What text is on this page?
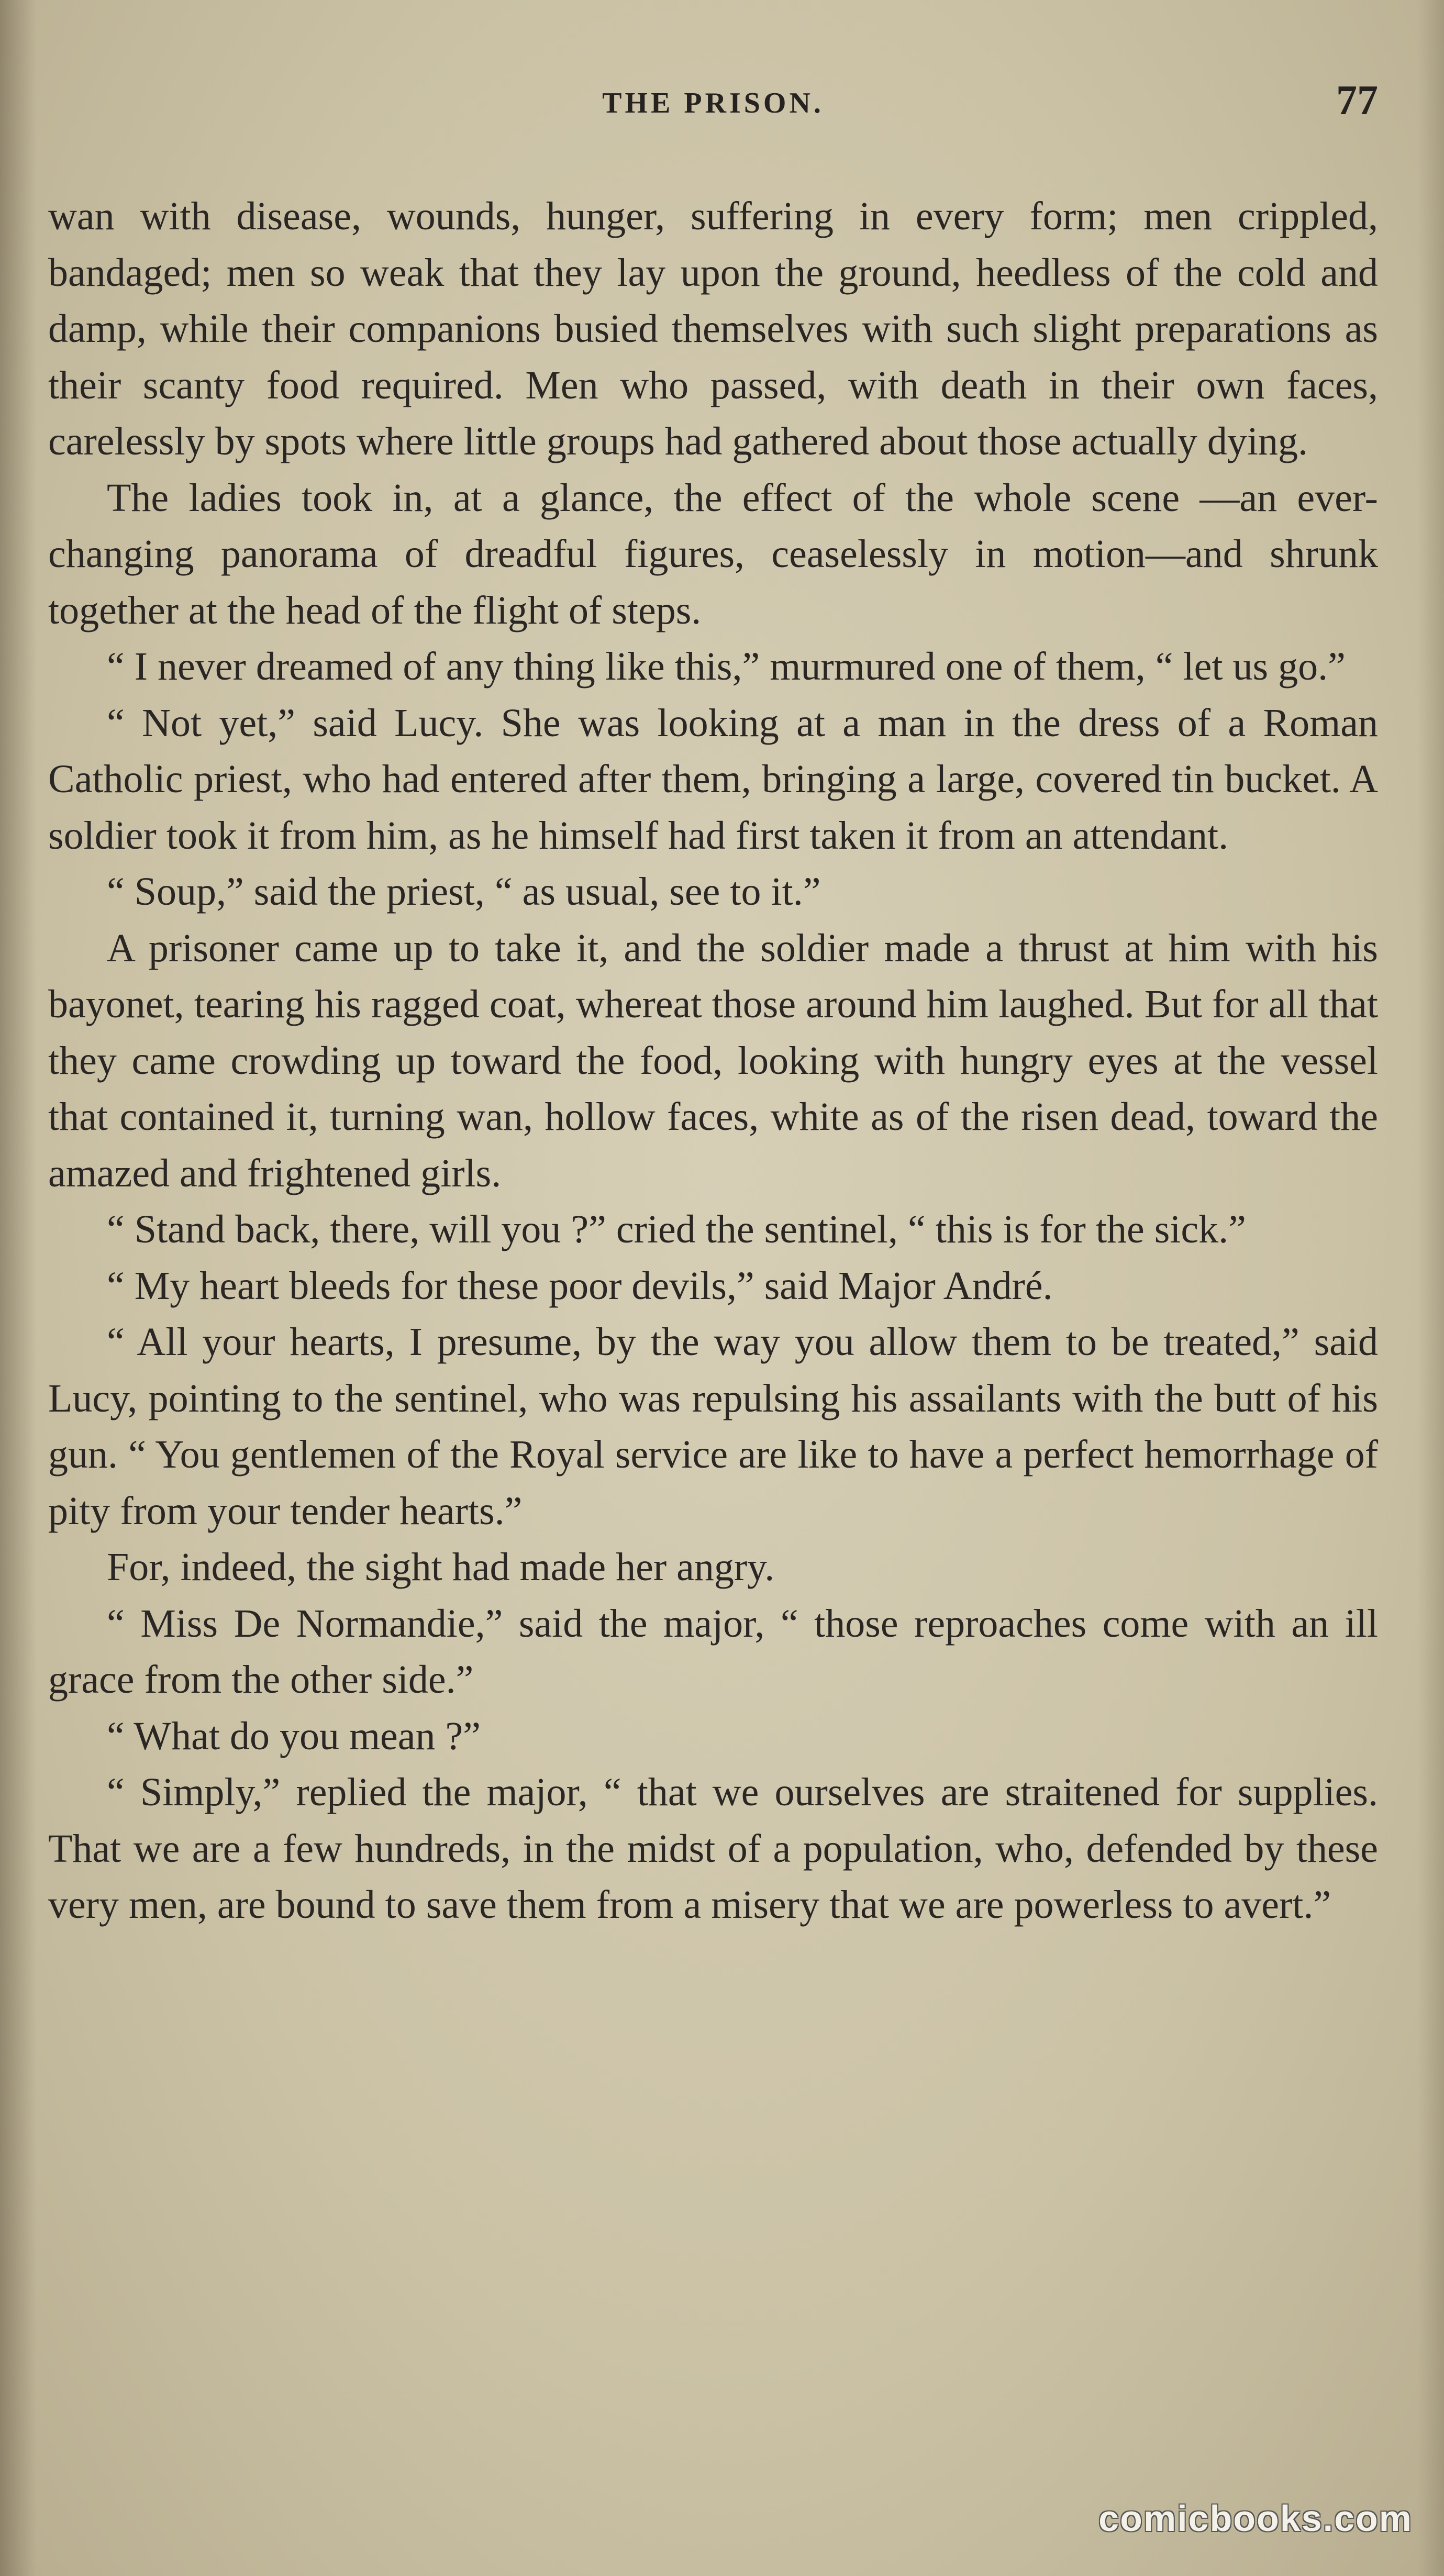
THE PRISON.	77

wan with disease, wounds, hunger, suffering in every form; men crippled, bandaged; men so weak that they lay upon the ground, heedless of the cold and damp, while their companions busied themselves with such slight preparations as their scanty food required. Men who passed, with death in their own faces, carelessly by spots where little groups had gathered about those actually dying.

The ladies took in, at a glance, the effect of the whole scene —an ever-changing panorama of dreadful figures, ceaselessly in motion—and shrunk together at the head of the flight of steps.

“ I never dreamed of any thing like this,” murmured one of them, “ let us go.”

“ Not yet,” said Lucy. She was looking at a man in the dress of a Roman Catholic priest, who had entered after them, bringing a large, covered tin bucket. A soldier took it from him, as he himself had first taken it from an attendant.

“ Soup,” said the priest, “ as usual, see to it.”

A prisoner came up to take it, and the soldier made a thrust at him with his bayonet, tearing his ragged coat, whereat those around him laughed. But for all that they came crowding up toward the food, looking with hungry eyes at the vessel that contained it, turning wan, hollow faces, white as of the risen dead, toward the amazed and frightened girls.

“ Stand back, there, will you ?” cried the sentinel, “ this is for the sick.”

“ My heart bleeds for these poor devils,” said Major André.

“ All your hearts, I presume, by the way you allow them to be treated,” said Lucy, pointing to the sentinel, who was repulsing his assailants with the butt of his gun. “ You gentlemen of the Royal service are like to have a perfect hemorrhage of pity from your tender hearts.”

For, indeed, the sight had made her angry.

“ Miss De Normandie,” said the major, “ those reproaches come with an ill grace from the other side.”

“ What do you mean ?”

“ Simply,” replied the major, “ that we ourselves are straitened for supplies. That we are a few hundreds, in the midst of a population, who, defended by these very men, are bound to save them from a misery that we are powerless to avert.”

comicbooks.com
